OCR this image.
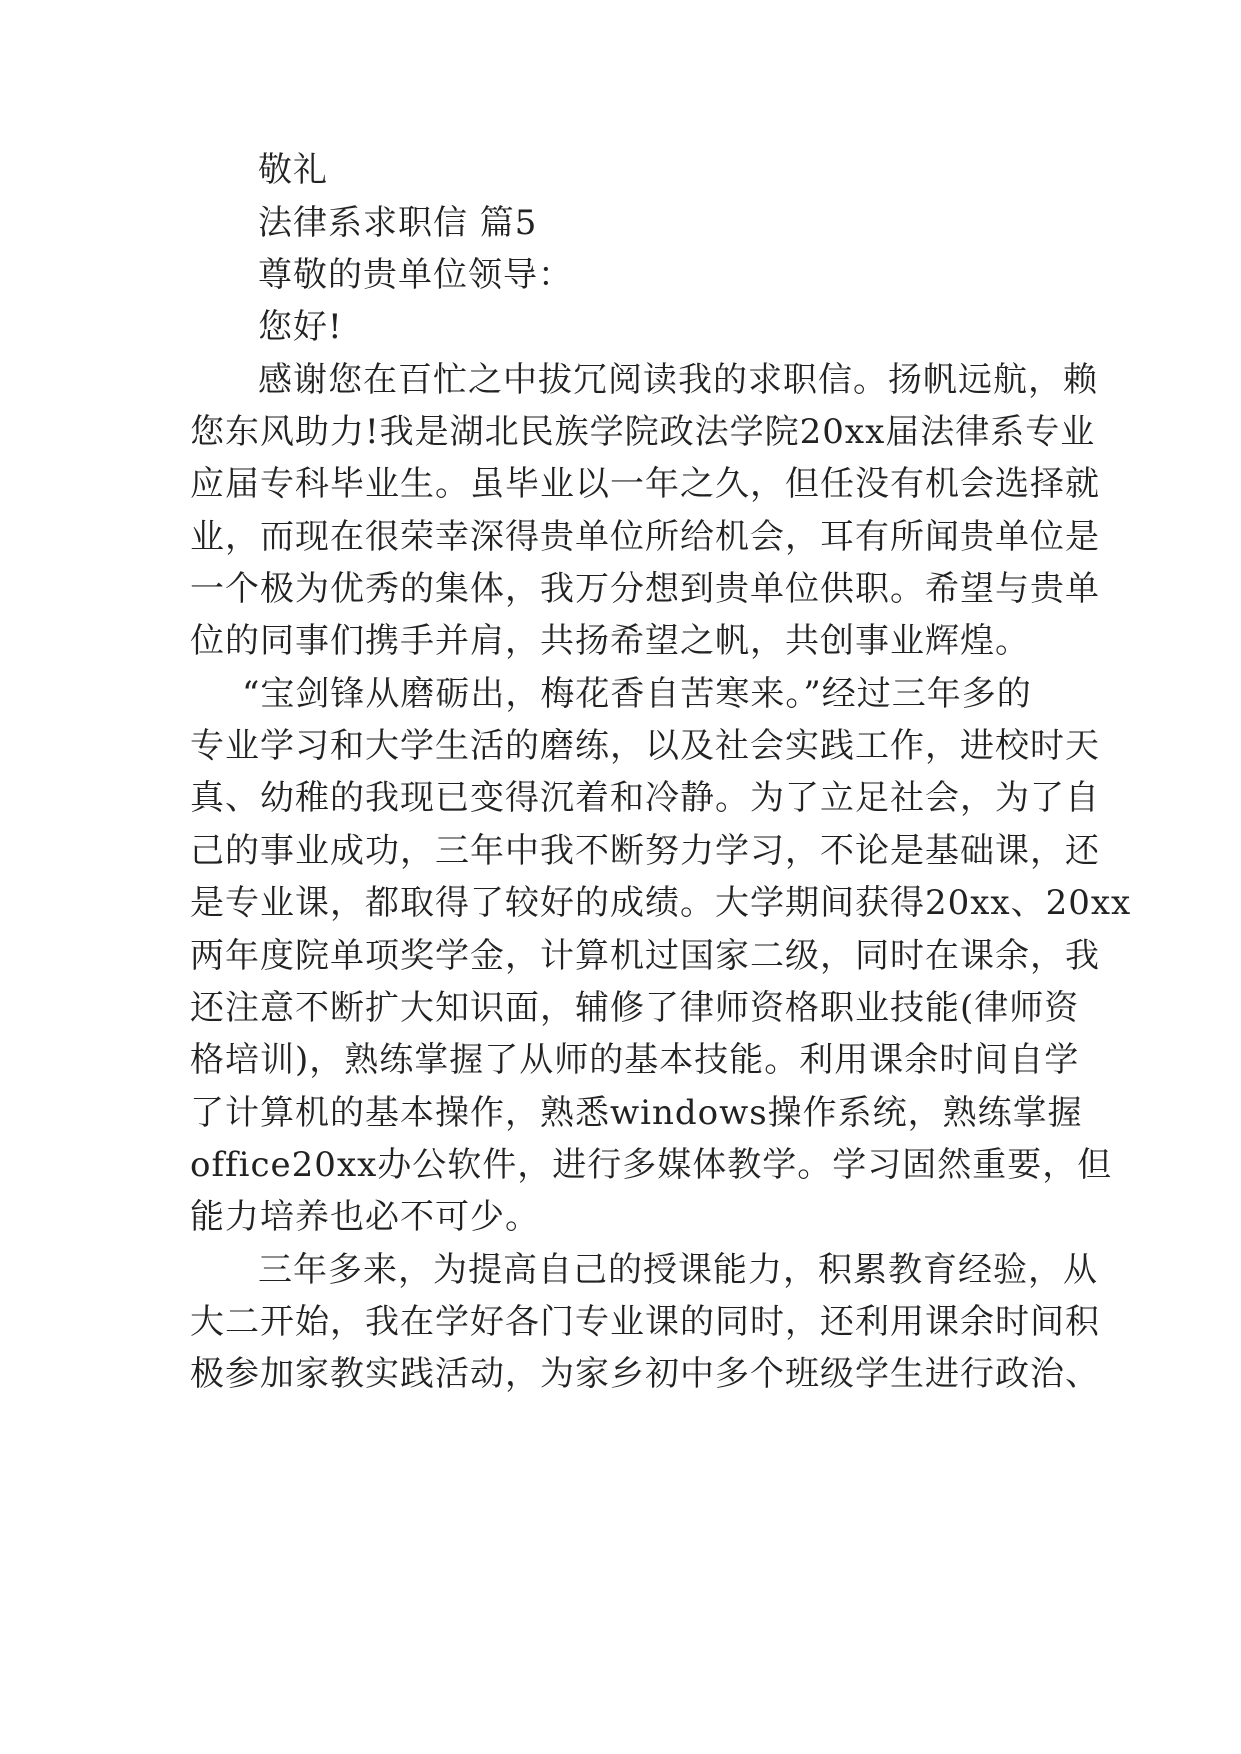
敬礼
法律系求职信 篇5
尊敬的贵单位领导：
您好!
感谢您在百忙之中拔冗阅读我的求职信。扬帆远航，赖
您东风助力!我是湖北民族学院政法学院20xx届法律系专业
应届专科毕业生。虽毕业以一年之久，但任没有机会选择就
业，而现在很荣幸深得贵单位所给机会，耳有所闻贵单位是
一个极为优秀的集体，我万分想到贵单位供职。希望与贵单
位的同事们携手并肩，共扬希望之帆，共创事业辉煌。
“宝剑锋从磨砺出，梅花香自苦寒来。”经过三年多的
专业学习和大学生活的磨练，以及社会实践工作，进校时天
真、幼稚的我现已变得沉着和冷静。为了立足社会，为了自
己的事业成功，三年中我不断努力学习，不论是基础课，还
是专业课，都取得了较好的成绩。大学期间获得20xx、20xx
两年度院单项奖学金，计算机过国家二级，同时在课余，我
还注意不断扩大知识面，辅修了律师资格职业技能(律师资
格培训)，熟练掌握了从师的基本技能。利用课余时间自学
了计算机的基本操作，熟悉windows操作系统，熟练掌握
office20xx办公软件，进行多媒体教学。学习固然重要，但
能力培养也必不可少。
三年多来，为提高自己的授课能力，积累教育经验，从
大二开始，我在学好各门专业课的同时，还利用课余时间积
极参加家教实践活动，为家乡初中多个班级学生进行政治、
